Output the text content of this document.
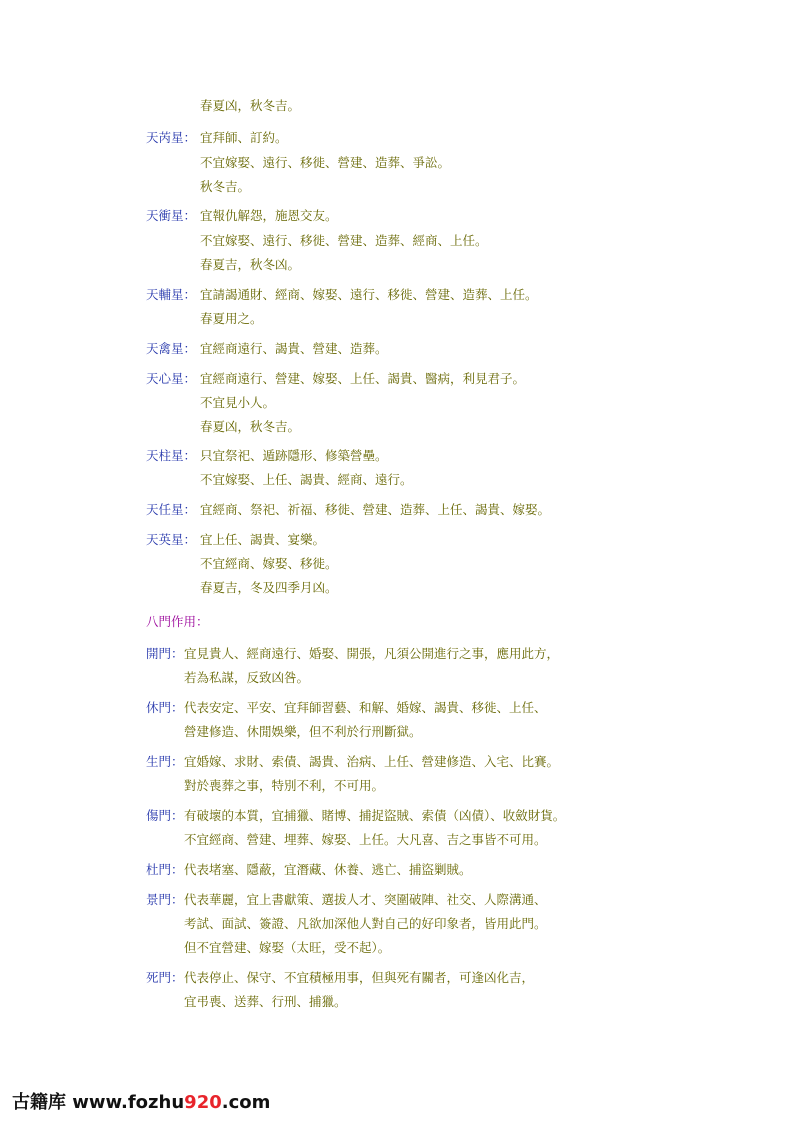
春夏凶，秋冬吉。
天芮星： 宜拜師、訂約。
不宜嫁娶、遠行、移徙、營建、造葬、爭訟。
秋冬吉。
天衝星： 宜報仇解怨，施恩交友。
不宜嫁娶、遠行、移徙、營建、造葬、經商、上任。
春夏吉，秋冬凶。
天輔星： 宜請謁通財、經商、嫁娶、遠行、移徙、營建、造葬、上任。
春夏用之。
天禽星： 宜經商遠行、謁貴、營建、造葬。
天心星： 宜經商遠行、營建、嫁娶、上任、謁貴、醫病，利見君子。
不宜見小人。
春夏凶，秋冬吉。
天柱星： 只宜祭祀、遁跡隱形、修築營壘。
不宜嫁娶、上任、謁貴、經商、遠行。
天任星： 宜經商、祭祀、祈福、移徙、營建、造葬、上任、謁貴、嫁娶。
天英星： 宜上任、謁貴、宴樂。
不宜經商、嫁娶、移徙。
春夏吉，冬及四季月凶。
八門作用：
開門： 宜見貴人、經商遠行、婚娶、開張，凡須公開進行之事，應用此方，
若為私謀，反致凶咎。
休門： 代表安定、平安、宜拜師習藝、和解、婚嫁、謁貴、移徙、上任、
營建修造、休閒娛樂，但不利於行刑斷獄。
生門： 宜婚嫁、求財、索債、謁貴、治病、上任、營建修造、入宅、比賽。
對於喪葬之事，特別不利，不可用。
傷門： 有破壞的本質，宜捕獵、賭博、捕捉盜賊、索債（凶債）、收斂財貨。
不宜經商、營建、埋葬、嫁娶、上任。大凡喜、吉之事皆不可用。
杜門： 代表堵塞、隱蔽，宜潛藏、休養、逃亡、捕盜剿賊。
景門： 代表華麗，宜上書獻策、選拔人才、突圍破陣、社交、人際溝通、
考試、面試、簽證、凡欲加深他人對自己的好印象者，皆用此門。
但不宜營建、嫁娶（太旺，受不起）。
死門： 代表停止、保守、不宜積極用事，但與死有關者，可逢凶化吉，
宜弔喪、送葬、行刑、捕獵。
古籍库 www.fozhu920.com
